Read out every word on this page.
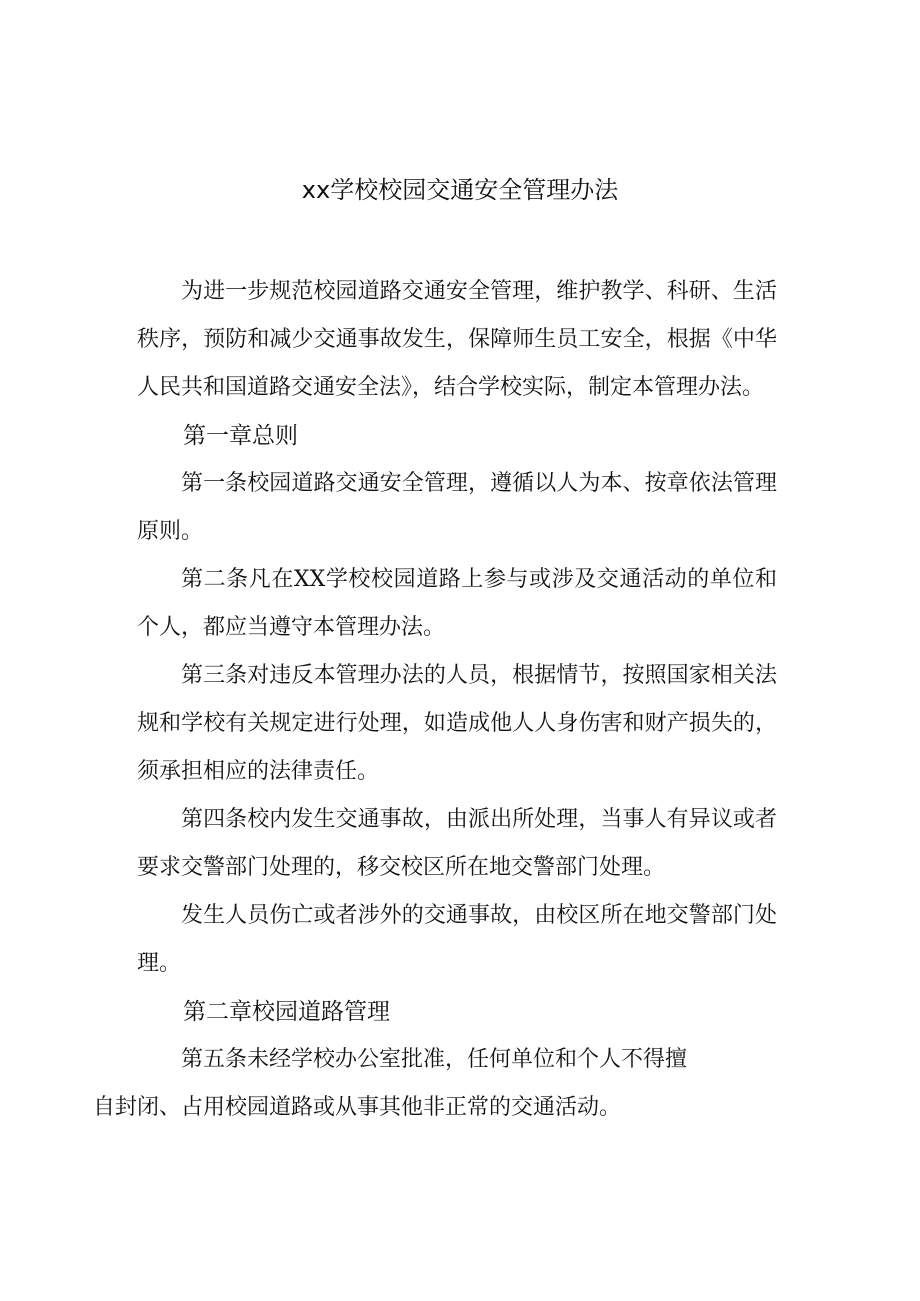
xx学校校园交通安全管理办法

为进一步规范校园道路交通安全管理，维护教学、科研、生活秩序，预防和减少交通事故发生，保障师生员工安全，根据《中华人民共和国道路交通安全法》，结合学校实际，制定本管理办法。

第一章总则

第一条校园道路交通安全管理，遵循以人为本、按章依法管理原则。

第二条凡在XX学校校园道路上参与或涉及交通活动的单位和个人，都应当遵守本管理办法。

第三条对违反本管理办法的人员，根据情节，按照国家相关法规和学校有关规定进行处理，如造成他人人身伤害和财产损失的，须承担相应的法律责任。

第四条校内发生交通事故，由派出所处理，当事人有异议或者要求交警部门处理的，移交校区所在地交警部门处理。

发生人员伤亡或者涉外的交通事故，由校区所在地交警部门处理。

第二章校园道路管理

第五条未经学校办公室批准，任何单位和个人不得擅
自封闭、占用校园道路或从事其他非正常的交通活动。
